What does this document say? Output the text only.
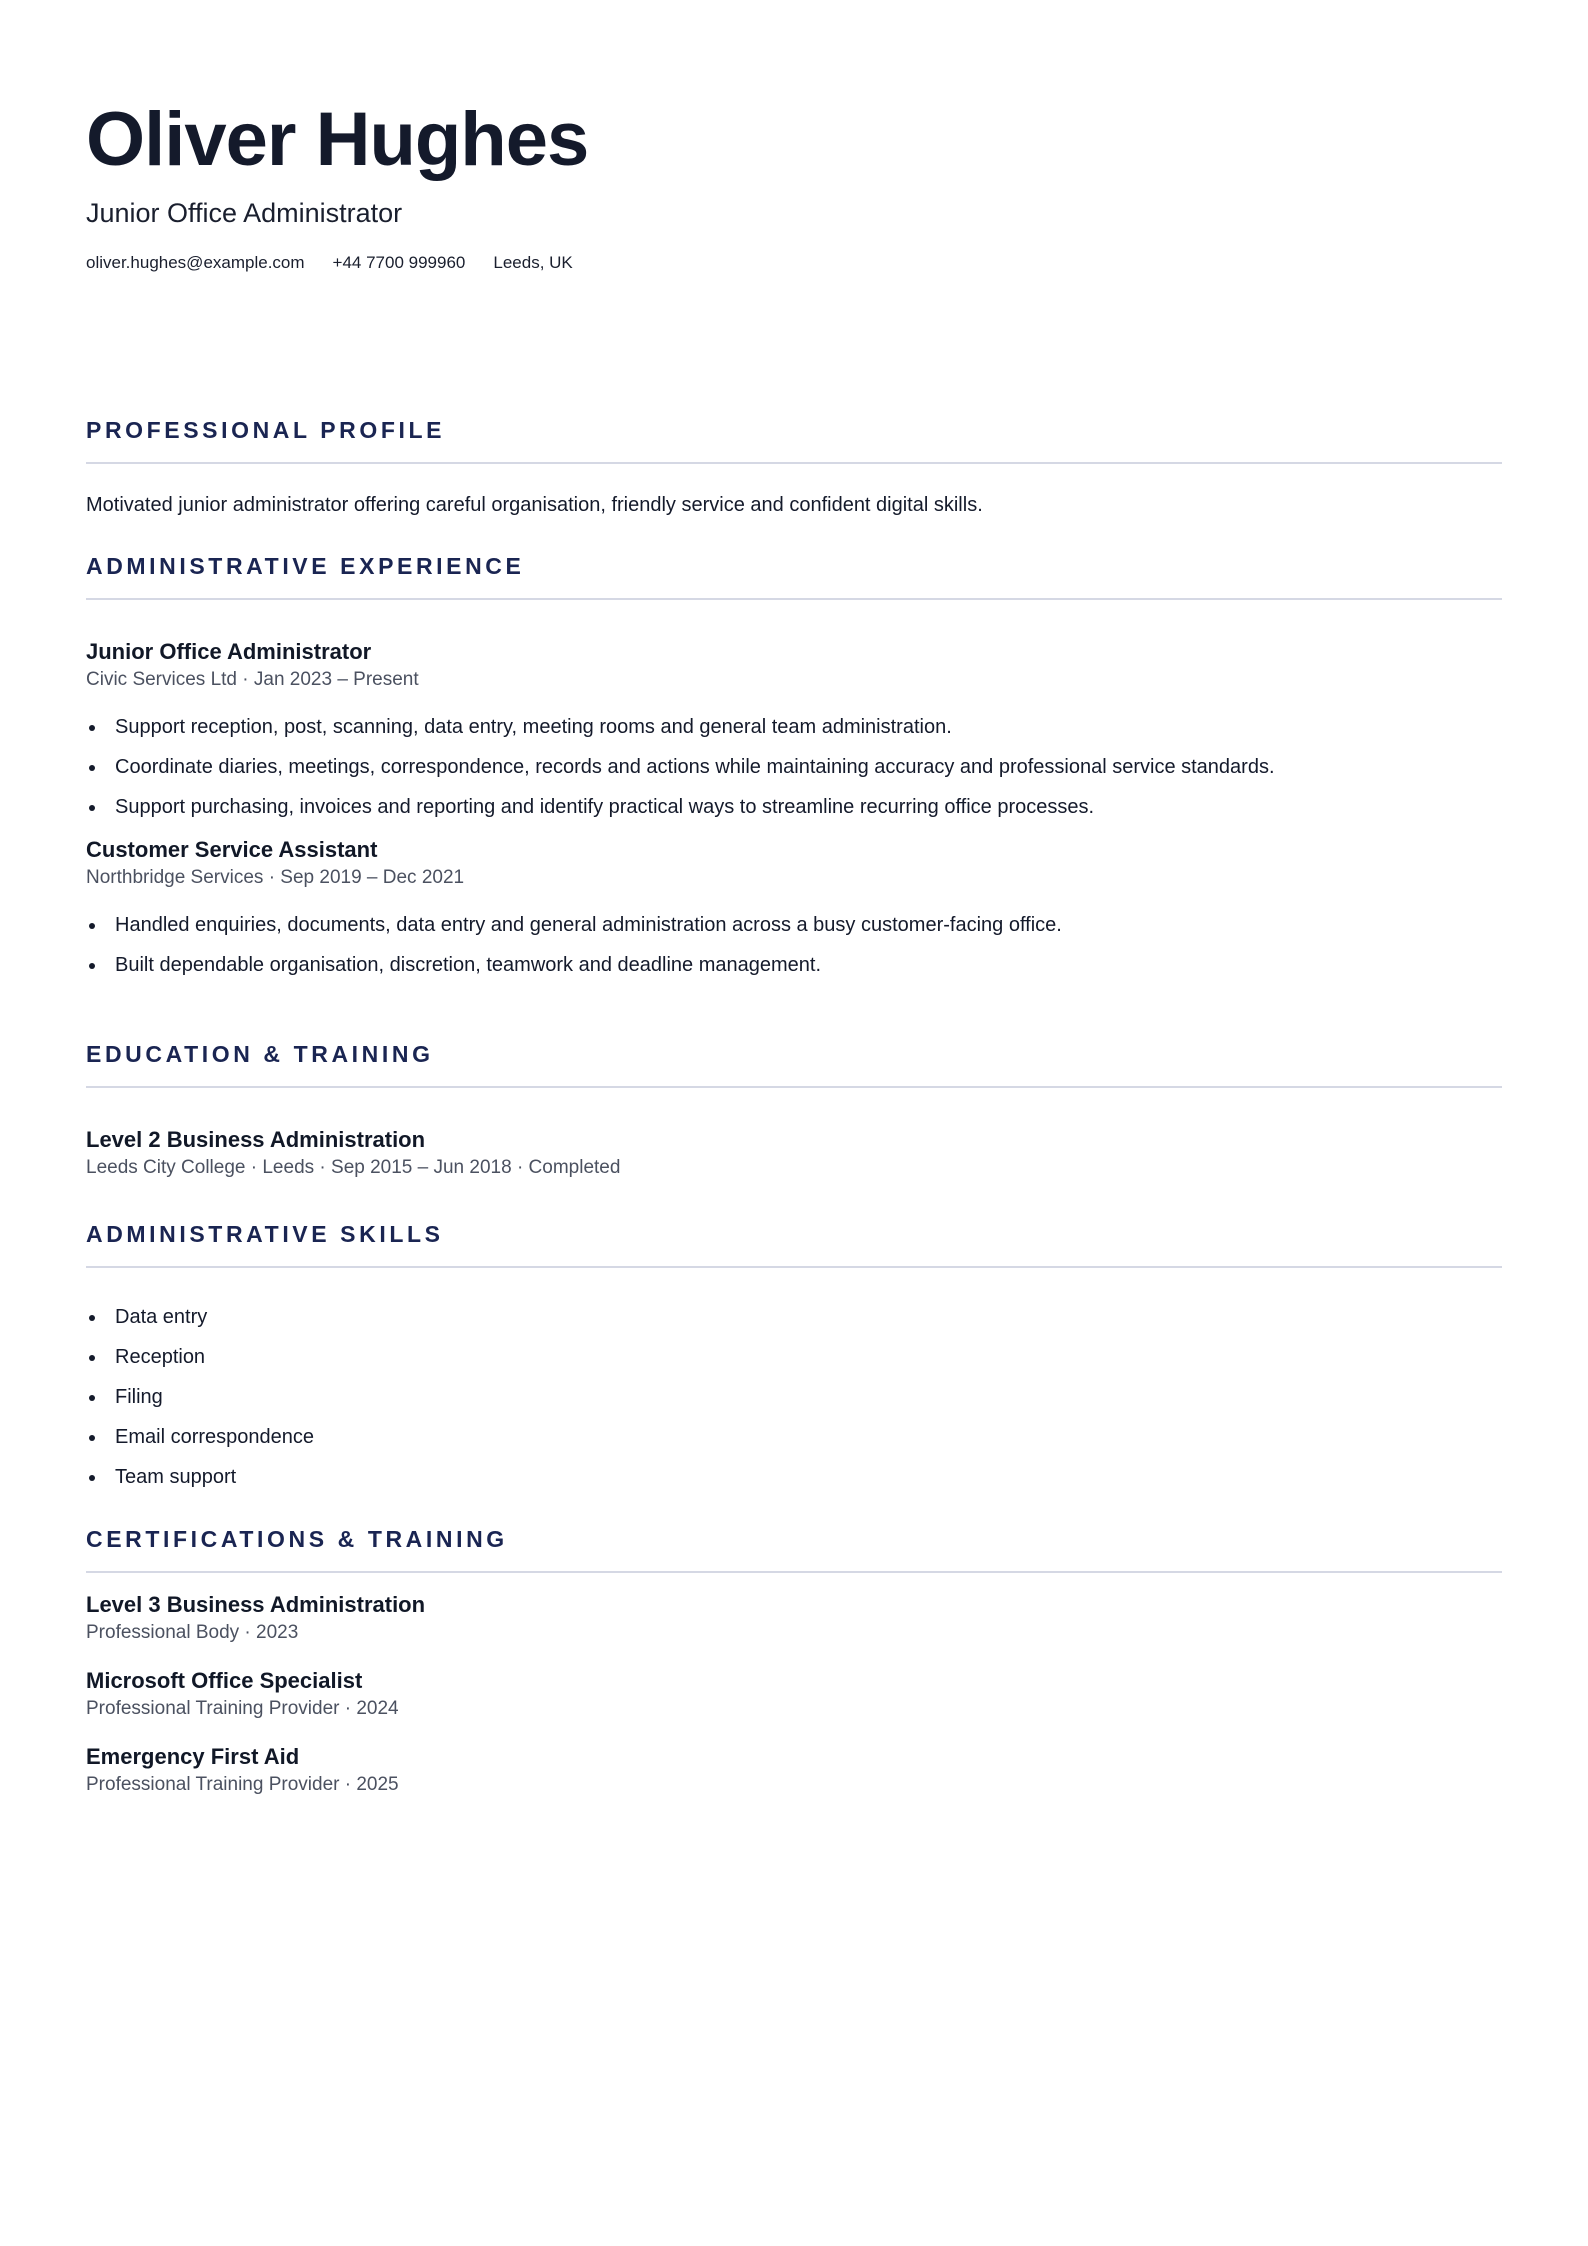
Oliver Hughes
Junior Office Administrator
oliver.hughes@example.com +44 7700 999960 Leeds, UK
PROFESSIONAL PROFILE
Motivated junior administrator offering careful organisation, friendly service and confident digital skills.
ADMINISTRATIVE EXPERIENCE
Junior Office Administrator
Civic Services Ltd · Jan 2023 – Present
Support reception, post, scanning, data entry, meeting rooms and general team administration.
Coordinate diaries, meetings, correspondence, records and actions while maintaining accuracy and professional service standards.
Support purchasing, invoices and reporting and identify practical ways to streamline recurring office processes.
Customer Service Assistant
Northbridge Services · Sep 2019 – Dec 2021
Handled enquiries, documents, data entry and general administration across a busy customer-facing office.
Built dependable organisation, discretion, teamwork and deadline management.
EDUCATION & TRAINING
Level 2 Business Administration
Leeds City College · Leeds · Sep 2015 – Jun 2018 · Completed
ADMINISTRATIVE SKILLS
Data entry
Reception
Filing
Email correspondence
Team support
CERTIFICATIONS & TRAINING
Level 3 Business Administration
Professional Body · 2023
Microsoft Office Specialist
Professional Training Provider · 2024
Emergency First Aid
Professional Training Provider · 2025
